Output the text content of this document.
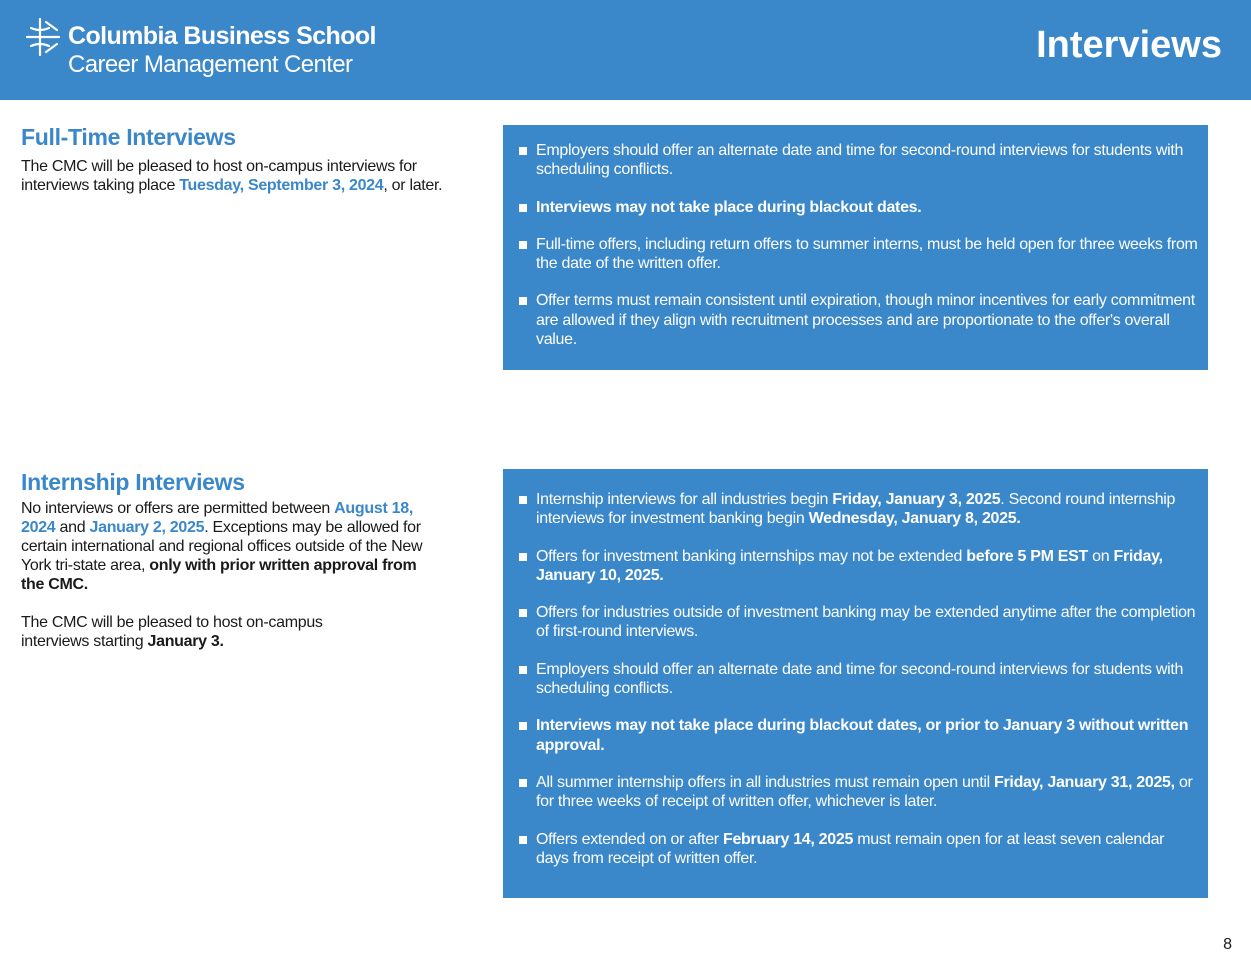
Columbia Business School
Career Management Center	Interviews
Full-Time Interviews

The CMC will be pleased to host on-campus interviews for interviews taking place Tuesday, September 3, 2024, or later.

Employers should offer an alternate date and time for second-round interviews for students with scheduling conflicts.
Interviews may not take place during blackout dates.
Full-time offers, including return offers to summer interns, must be held open for three weeks from the date of the written offer.
Offer terms must remain consistent until expiration, though minor incentives for early commitment are allowed if they align with recruitment processes and are proportionate to the offer's overall value.
Internship Interviews

No interviews or offers are permitted between August 18, 2024 and January 2, 2025. Exceptions may be allowed for certain international and regional offices outside of the New York tri-state area, only with prior written approval from the CMC.

The CMC will be pleased to host on-campus interviews starting January 3.

Internship interviews for all industries begin Friday, January 3, 2025. Second round internship interviews for investment banking begin Wednesday, January 8, 2025.
Offers for investment banking internships may not be extended before 5 PM EST on Friday, January 10, 2025.
Offers for industries outside of investment banking may be extended anytime after the completion of first-round interviews.
Employers should offer an alternate date and time for second-round interviews for students with scheduling conflicts.
Interviews may not take place during blackout dates, or prior to January 3 without written approval.
All summer internship offers in all industries must remain open until Friday, January 31, 2025, or for three weeks of receipt of written offer, whichever is later.
Offers extended on or after February 14, 2025 must remain open for at least seven calendar days from receipt of written offer.
8
